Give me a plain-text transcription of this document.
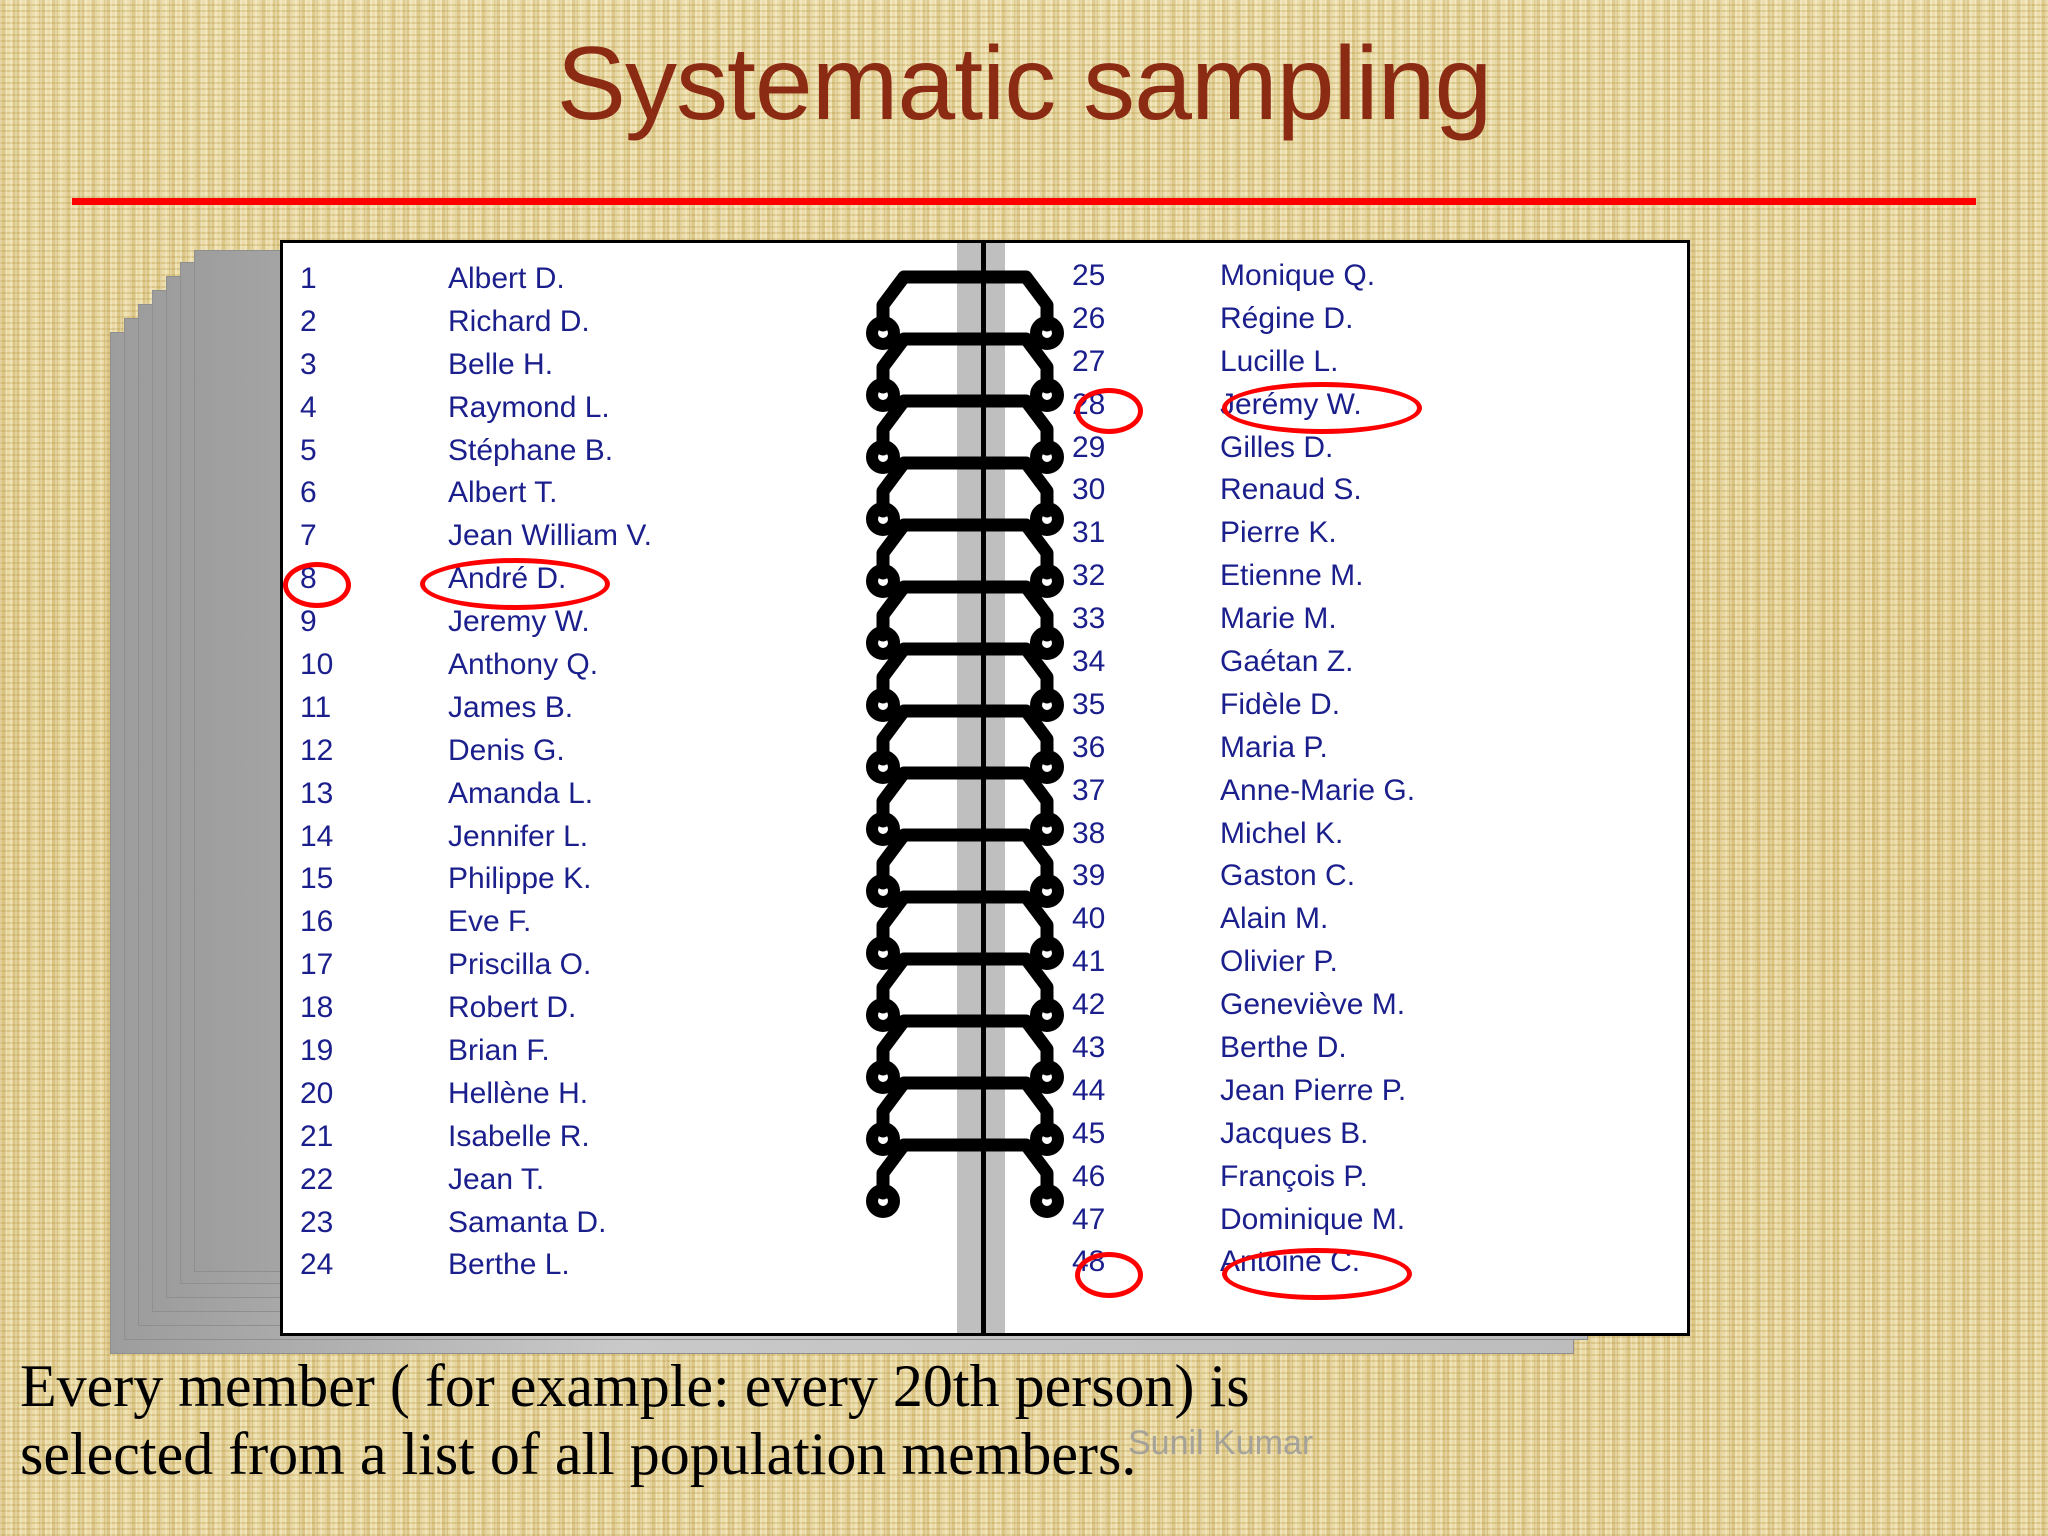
Systematic sampling
1	Albert D.
2	Richard D.
3	Belle H.
4	Raymond L.
5	Stéphane B.
6	Albert T.
7	Jean William V.
8	André D.
9	Jeremy W.
10	Anthony Q.
11	James B.
12	Denis G.
13	Amanda L.
14	Jennifer L.
15	Philippe K.
16	Eve F.
17	Priscilla O.
18	Robert D.
19	Brian F.
20	Hellène H.
21	Isabelle R.
22	Jean T.
23	Samanta D.
24	Berthe L.
25	Monique Q.
26	Régine D.
27	Lucille L.
28	Jérémy W.
29	Gilles D.
30	Renaud S.
31	Pierre K.
32	Etienne M.
33	Marie M.
34	Gaétan Z.
35	Fidèle D.
36	Maria P.
37	Anne-Marie G.
38	Michel K.
39	Gaston C.
40	Alain M.
41	Olivier P.
42	Geneviève M.
43	Berthe D.
44	Jean Pierre P.
45	Jacques B.
46	François P.
47	Dominique M.
48	Antoine C.
Every member ( for example: every 20th person) is
selected from a list of all population members.
Sunil Kumar
